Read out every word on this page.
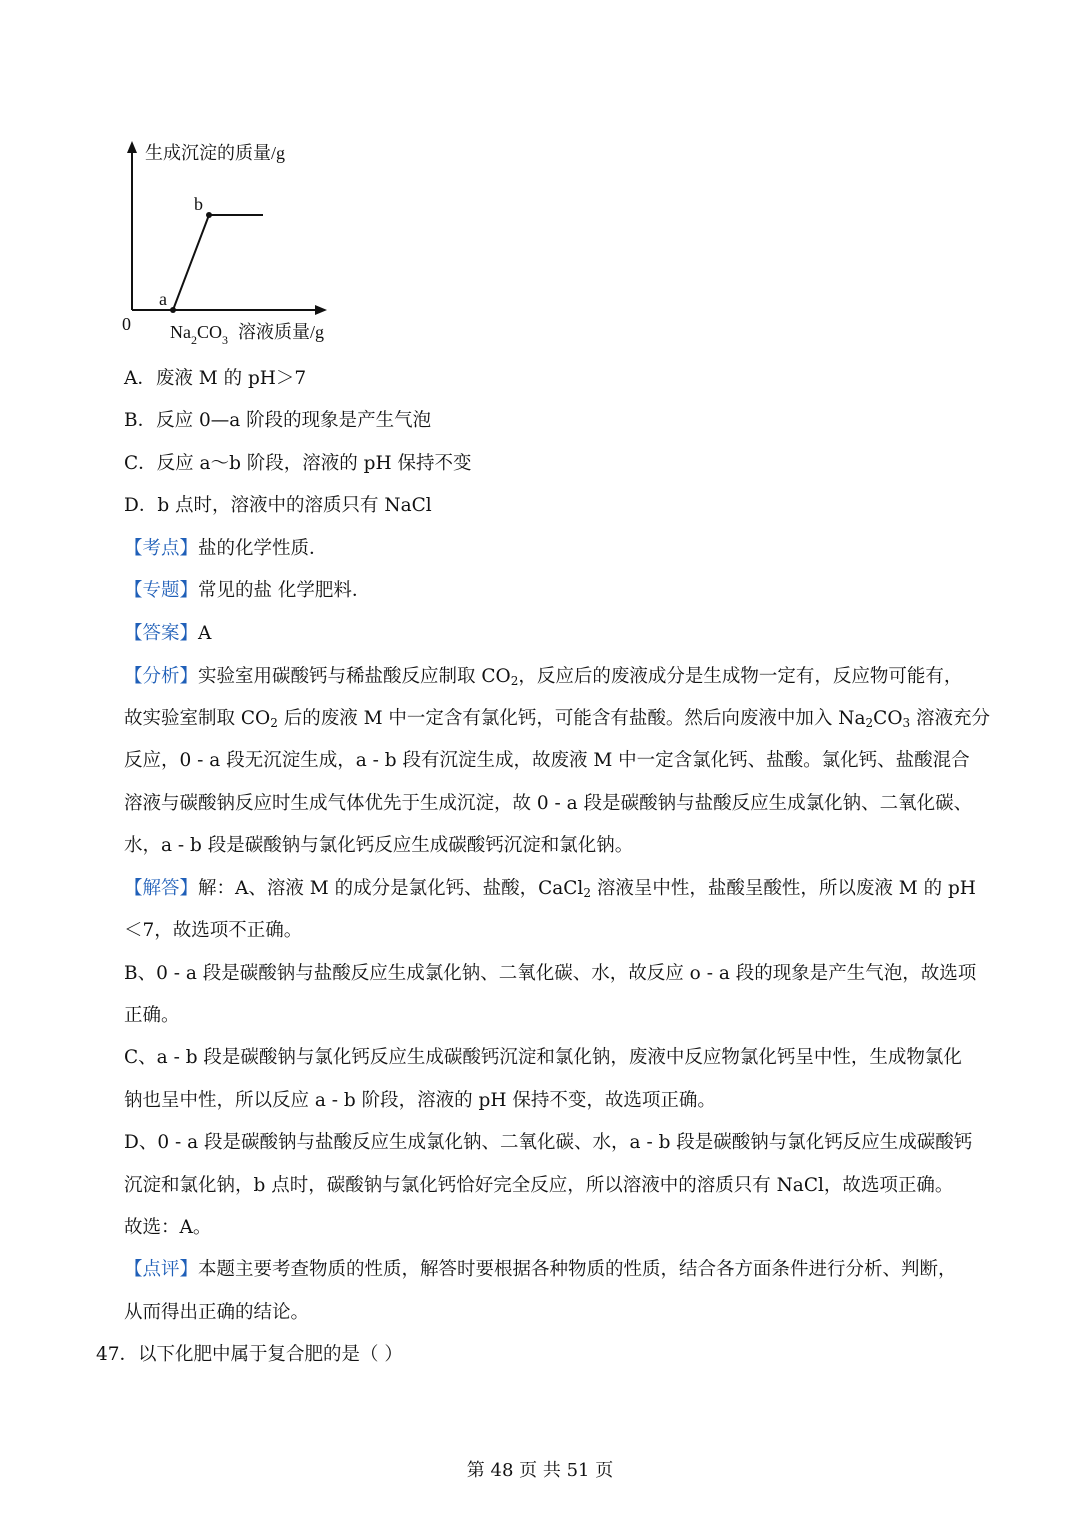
生成沉淀的质量/g
b
a
0 $Na_2CO_3$ 溶液质量/g
A．废液 M 的 pH＞7
B．反应 0—a 阶段的现象是产生气泡
C．反应 a～b 阶段，溶液的 pH 保持不变
D．b 点时，溶液中的溶质只有 NaCl
【考点】盐的化学性质．
【专题】常见的盐 化学肥料．
【答案】A
【分析】实验室用碳酸钙与稀盐酸反应制取 $CO_2$，反应后的废液成分是生成物一定有，反应物可能有，
故实验室制取 $CO_2$ 后的废液 M 中一定含有氯化钙，可能含有盐酸。然后向废液中加入 $Na_2CO_3$ 溶液充分
反应，0 - a 段无沉淀生成，a - b 段有沉淀生成，故废液 M 中一定含氯化钙、盐酸。氯化钙、盐酸混合
溶液与碳酸钠反应时生成气体优先于生成沉淀，故 0 - a 段是碳酸钠与盐酸反应生成氯化钠、二氧化碳、
水，a - b 段是碳酸钠与氯化钙反应生成碳酸钙沉淀和氯化钠。
【解答】解：A、溶液 M 的成分是氯化钙、盐酸，CaCl$_2$ 溶液呈中性，盐酸呈酸性，所以废液 M 的 pH
＜7，故选项不正确。
B、0 - a 段是碳酸钠与盐酸反应生成氯化钠、二氧化碳、水，故反应 o - a 段的现象是产生气泡，故选项
正确。
C、a - b 段是碳酸钠与氯化钙反应生成碳酸钙沉淀和氯化钠，废液中反应物氯化钙呈中性，生成物氯化
钠也呈中性，所以反应 a - b 阶段，溶液的 pH 保持不变，故选项正确。
D、0 - a 段是碳酸钠与盐酸反应生成氯化钠、二氧化碳、水，a - b 段是碳酸钠与氯化钙反应生成碳酸钙
沉淀和氯化钠，b 点时，碳酸钠与氯化钙恰好完全反应，所以溶液中的溶质只有 NaCl，故选项正确。
故选：A。
【点评】本题主要考查物质的性质，解答时要根据各种物质的性质，结合各方面条件进行分析、判断，
从而得出正确的结论。
47．以下化肥中属于复合肥的是（ ）
第 48 页 共 51 页
